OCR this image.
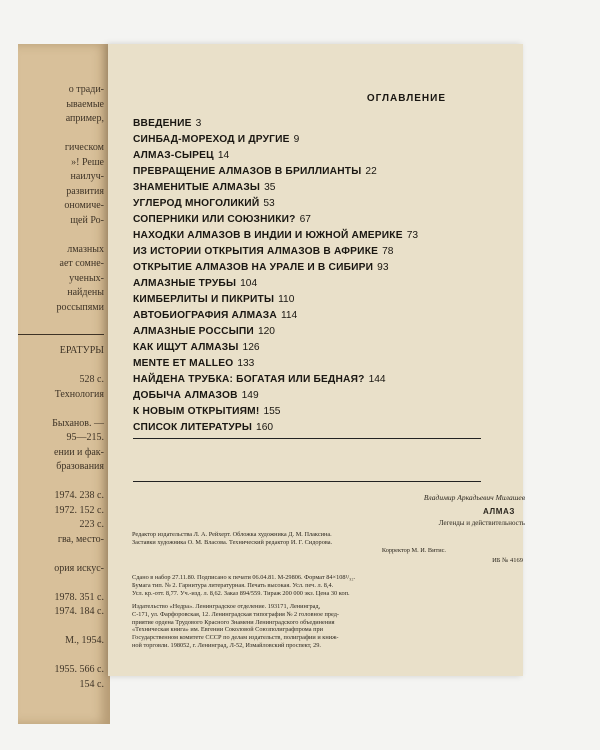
о тради-
ываемые
апример,
гическом
»! Реше
наилуч-
развития
ономиче-
щей Ро-
лмазных
ает сомне-
ученых-
найдены
россыпями
ЕРАТУРЫ
528 с.
Технология
Быханов. —
95—215.
ении и фак-
бразования
1974. 238 с.
1972. 152 с.
223 с.
гва, место-
ория искус-
1978. 351 с.
1974. 184 с.
М., 1954.
1955. 566 с.
154 с.
ОГЛАВЛЕНИЕ
ВВЕДЕНИЕ 3
СИНБАД-МОРЕХОД И ДРУГИЕ 9
АЛМАЗ-СЫРЕЦ 14
ПРЕВРАЩЕНИЕ АЛМАЗОВ В БРИЛЛИАНТЫ 22
ЗНАМЕНИТЫЕ АЛМАЗЫ 35
УГЛЕРОД МНОГОЛИКИЙ 53
СОПЕРНИКИ ИЛИ СОЮЗНИКИ? 67
НАХОДКИ АЛМАЗОВ В ИНДИИ И ЮЖНОЙ АМЕРИКЕ 73
ИЗ ИСТОРИИ ОТКРЫТИЯ АЛМАЗОВ В АФРИКЕ 78
ОТКРЫТИЕ АЛМАЗОВ НА УРАЛЕ И В СИБИРИ 93
АЛМАЗНЫЕ ТРУБЫ 104
КИМБЕРЛИТЫ И ПИКРИТЫ 110
АВТОБИОГРАФИЯ АЛМАЗА 114
АЛМАЗНЫЕ РОССЫПИ 120
КАК ИЩУТ АЛМАЗЫ 126
MENTE ET MALLEO 133
НАЙДЕНА ТРУБКА: БОГАТАЯ ИЛИ БЕДНАЯ? 144
ДОБЫЧА АЛМАЗОВ 149
К НОВЫМ ОТКРЫТИЯМ! 155
СПИСОК ЛИТЕРАТУРЫ 160
Владимир Аркадьевич Милашев
АЛМАЗ
Легенды и действительность
Редактор издательства Л. А. Рейхерт. Обложка художника Д. М. Плаксина.
Заставки художника О. М. Власова. Технический редактор И. Г. Сидорова.
Корректор М. И. Витис.
ИБ № 4169
Сдано в набор 27.11.80. Подписано к печати 06.04.81. М-29806. Формат 84×108¹/₃₂.
Бумага тип. № 2. Гарнитура литературная. Печать высокая. Усл. печ. л. 8,4.
Усл. кр.-отт. 8,77. Уч.-изд. л. 8,62. Заказ 894/559. Тираж 200 000 экз. Цена 30 коп.
Издательство «Недра». Ленинградское отделение. 193171, Ленинград,
С-171, ул. Фарфоровская, 12. Ленинградская типография № 2 головное пред-
приятие ордена Трудового Красного Знамени Ленинградского объединения
«Техническая книга» им. Евгении Соколовой Союзполиграфпрома при
Государственном комитете СССР по делам издательств, полиграфии и книж-
ной торговли. 198052, г. Ленинград, Л-52, Измайловский проспект, 29.
